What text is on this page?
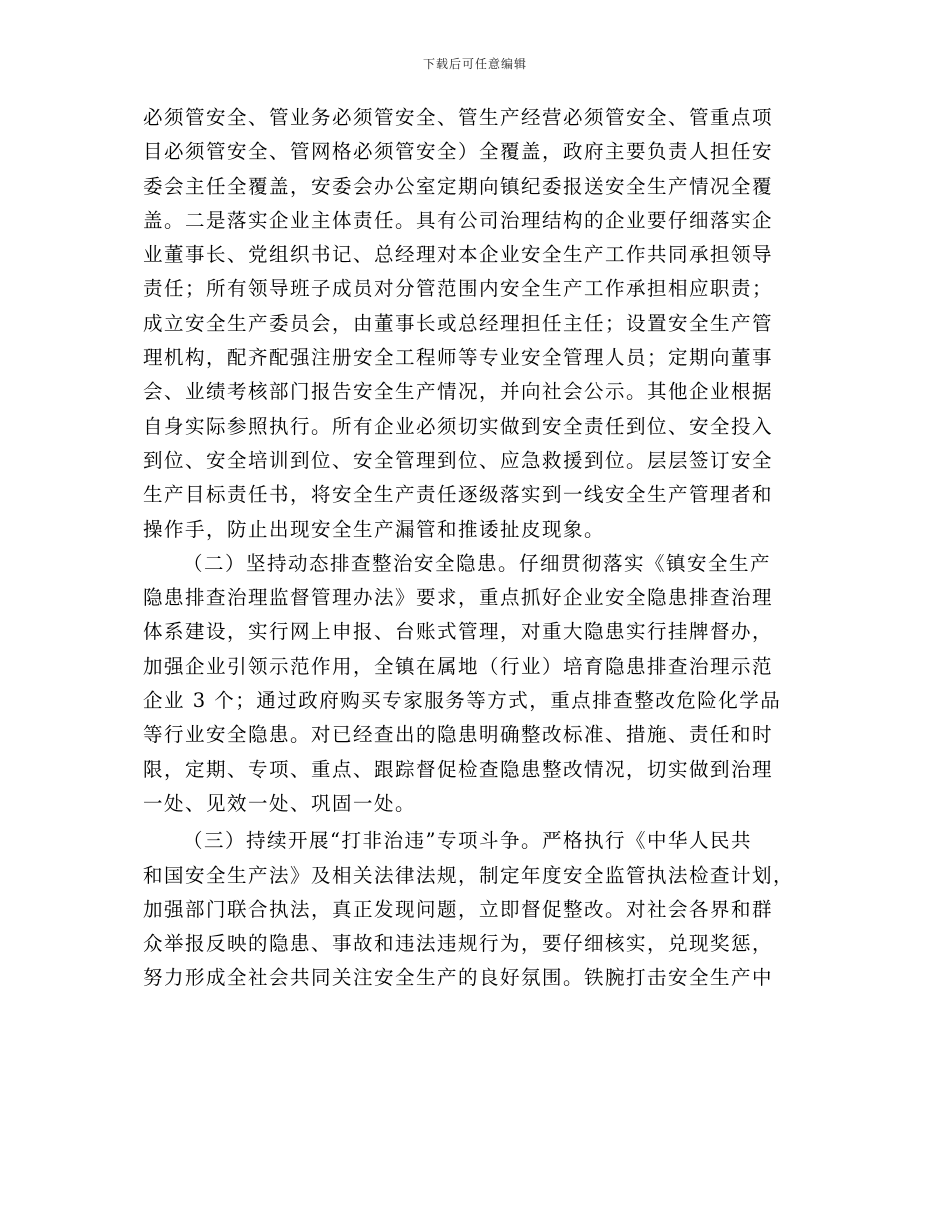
下载后可任意编辑
必须管安全、管业务必须管安全、管生产经营必须管安全、管重点项
目必须管安全、管网格必须管安全）全覆盖，政府主要负责人担任安
委会主任全覆盖，安委会办公室定期向镇纪委报送安全生产情况全覆
盖。二是落实企业主体责任。具有公司治理结构的企业要仔细落实企
业董事长、党组织书记、总经理对本企业安全生产工作共同承担领导
责任；所有领导班子成员对分管范围内安全生产工作承担相应职责；
成立安全生产委员会，由董事长或总经理担任主任；设置安全生产管
理机构，配齐配强注册安全工程师等专业安全管理人员；定期向董事
会、业绩考核部门报告安全生产情况，并向社会公示。其他企业根据
自身实际参照执行。所有企业必须切实做到安全责任到位、安全投入
到位、安全培训到位、安全管理到位、应急救援到位。层层签订安全
生产目标责任书，将安全生产责任逐级落实到一线安全生产管理者和
操作手，防止出现安全生产漏管和推诿扯皮现象。
（二）坚持动态排查整治安全隐患。仔细贯彻落实《镇安全生产
隐患排查治理监督管理办法》要求，重点抓好企业安全隐患排查治理
体系建设，实行网上申报、台账式管理，对重大隐患实行挂牌督办，
加强企业引领示范作用，全镇在属地（行业）培育隐患排查治理示范
企业 3 个；通过政府购买专家服务等方式，重点排查整改危险化学品
等行业安全隐患。对已经查出的隐患明确整改标准、措施、责任和时
限，定期、专项、重点、跟踪督促检查隐患整改情况，切实做到治理
一处、见效一处、巩固一处。
（三）持续开展“打非治违”专项斗争。严格执行《中华人民共
和国安全生产法》及相关法律法规，制定年度安全监管执法检查计划，
加强部门联合执法，真正发现问题，立即督促整改。对社会各界和群
众举报反映的隐患、事故和违法违规行为，要仔细核实，兑现奖惩，
努力形成全社会共同关注安全生产的良好氛围。铁腕打击安全生产中
